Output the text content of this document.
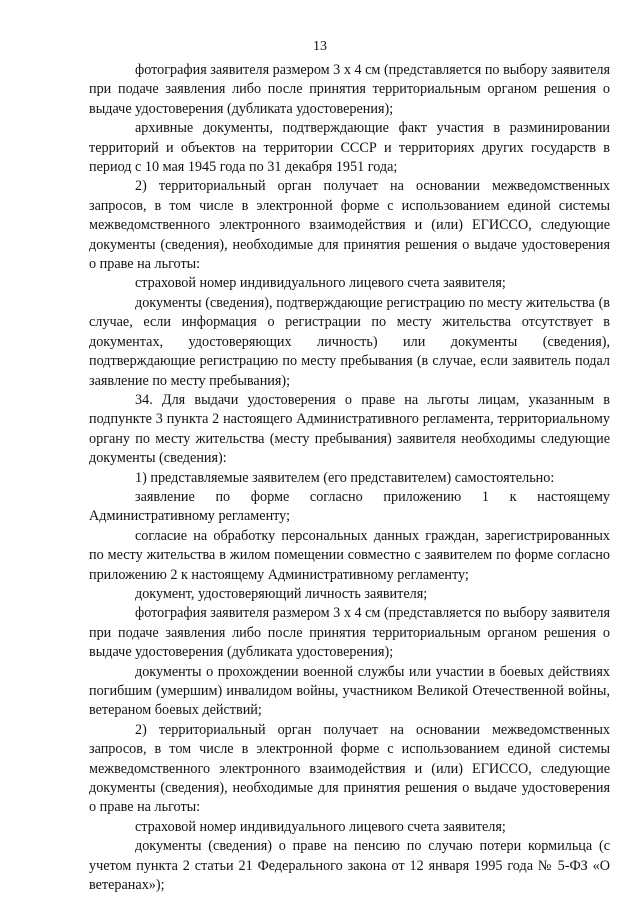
13

фотография заявителя размером 3 x 4 см (представляется по выбору заявителя при подаче заявления либо после принятия территориальным органом решения о выдаче удостоверения (дубликата удостоверения);

архивные документы, подтверждающие факт участия в разминировании территорий и объектов на территории СССР и территориях других государств в период с 10 мая 1945 года по 31 декабря 1951 года;

2) территориальный орган получает на основании межведомственных запросов, в том числе в электронной форме с использованием единой системы межведомственного электронного взаимодействия и (или) ЕГИССО, следующие документы (сведения), необходимые для принятия решения о выдаче удостоверения о праве на льготы:

страховой номер индивидуального лицевого счета заявителя;

документы (сведения), подтверждающие регистрацию по месту жительства (в случае, если информация о регистрации по месту жительства отсутствует в документах, удостоверяющих личность) или документы (сведения), подтверждающие регистрацию по месту пребывания (в случае, если заявитель подал заявление по месту пребывания);

34. Для выдачи удостоверения о праве на льготы лицам, указанным в подпункте 3 пункта 2 настоящего Административного регламента, территориальному органу по месту жительства (месту пребывания) заявителя необходимы следующие документы (сведения):

1) представляемые заявителем (его представителем) самостоятельно:

заявление по форме согласно приложению 1 к настоящему Административному регламенту;

согласие на обработку персональных данных граждан, зарегистрированных по месту жительства в жилом помещении совместно с заявителем по форме согласно приложению 2 к настоящему Административному регламенту;

документ, удостоверяющий личность заявителя;

фотография заявителя размером 3 x 4 см (представляется по выбору заявителя при подаче заявления либо после принятия территориальным органом решения о выдаче удостоверения (дубликата удостоверения);

документы о прохождении военной службы или участии в боевых действиях погибшим (умершим) инвалидом войны, участником Великой Отечественной войны, ветераном боевых действий;

2) территориальный орган получает на основании межведомственных запросов, в том числе в электронной форме с использованием единой системы межведомственного электронного взаимодействия и (или) ЕГИССО, следующие документы (сведения), необходимые для принятия решения о выдаче удостоверения о праве на льготы:

страховой номер индивидуального лицевого счета заявителя;

документы (сведения) о праве на пенсию по случаю потери кормильца (с учетом пункта 2 статьи 21 Федерального закона от 12 января 1995 года № 5-ФЗ «О ветеранах»);
